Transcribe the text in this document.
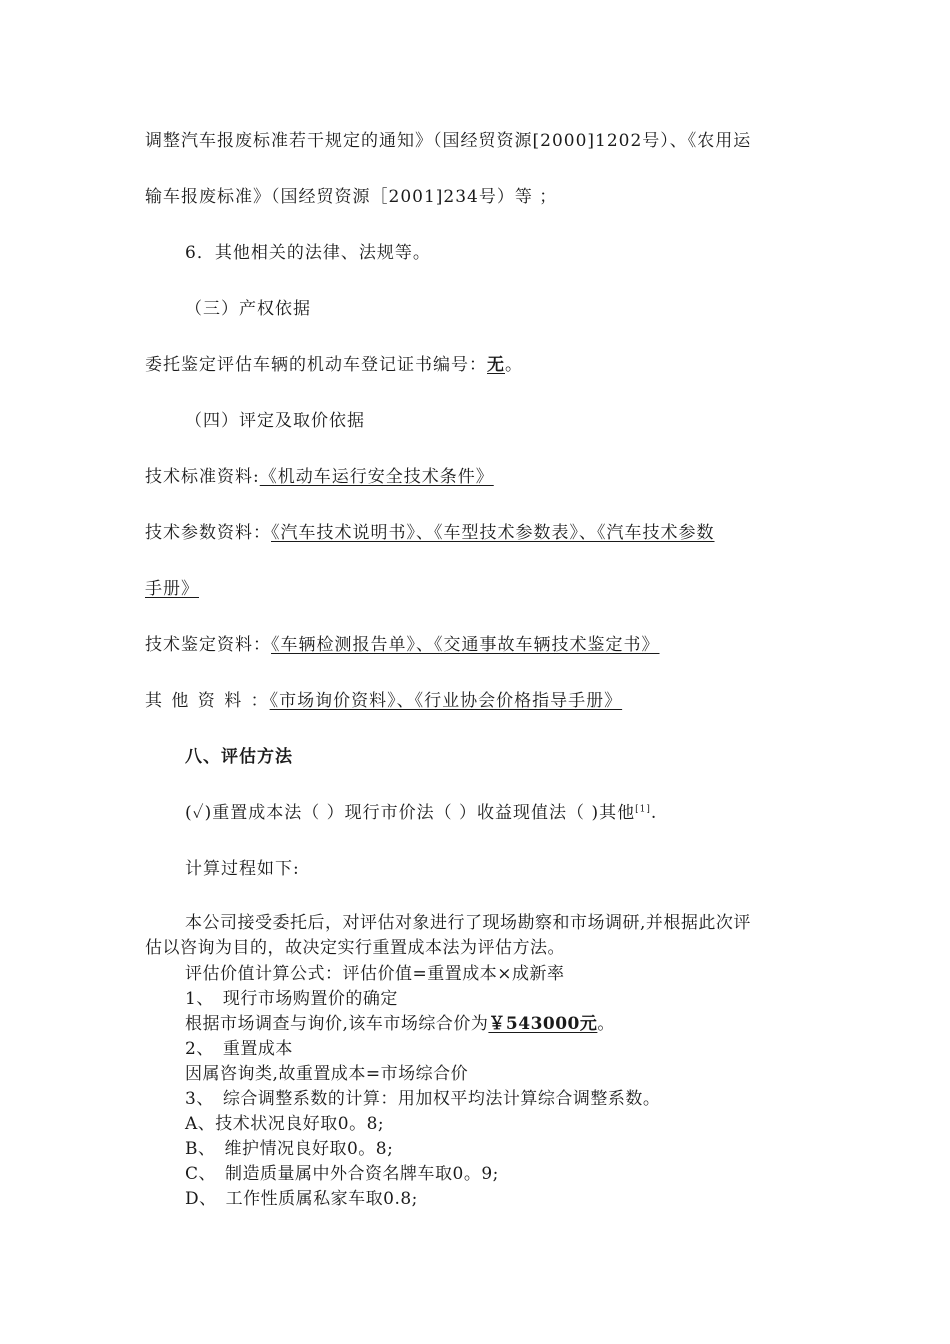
调整汽车报废标准若干规定的通知》（国经贸资源[2000]1202号）、《农用运
输车报废标准》（国经贸资源［2001]234号）等 ；
6．其他相关的法律、法规等。
（三）产权依据
委托鉴定评估车辆的机动车登记证书编号：无。
（四）评定及取价依据
技术标准资料:《机动车运行安全技术条件》
技术参数资料：《汽车技术说明书》、《车型技术参数表》、《汽车技术参数
手册》
技术鉴定资料：《车辆检测报告单》、《交通事故车辆技术鉴定书》
其 他 资 料 ：《市场询价资料》、《行业协会价格指导手册》
八、评估方法
(✓)重置成本法（ ）现行市价法（ ）收益现值法（ )其他[1].
计算过程如下:
本公司接受委托后，对评估对象进行了现场勘察和市场调研,并根据此次评
估以咨询为目的，故决定实行重置成本法为评估方法。
评估价值计算公式：评估价值=重置成本×成新率
1、　现行市场购置价的确定
根据市场调查与询价,该车市场综合价为￥543000元。
2、　重置成本
因属咨询类,故重置成本=市场综合价
3、　综合调整系数的计算：用加权平均法计算综合调整系数。
A、技术状况良好取0。8;
B、　维护情况良好取0。8;
C、　制造质量属中外合资名牌车取0。9;
D、　工作性质属私家车取0.8;
